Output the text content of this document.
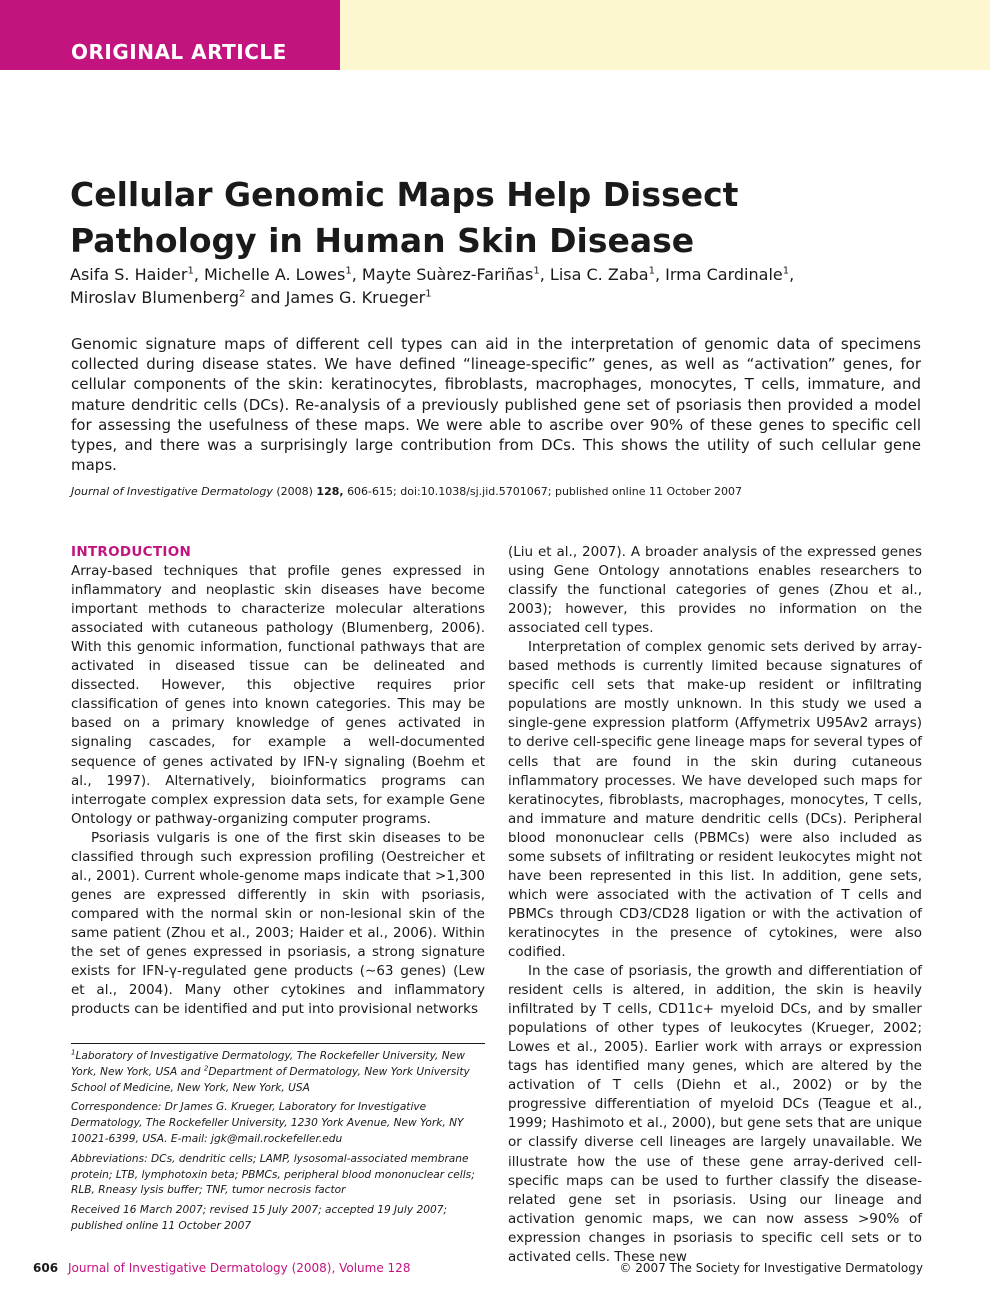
ORIGINAL ARTICLE
Cellular Genomic Maps Help Dissect Pathology in Human Skin Disease
Asifa S. Haider$^1$, Michelle A. Lowes$^1$, Mayte Suàrez-Fariñas$^1$, Lisa C. Zaba$^1$, Irma Cardinale$^1$,
Miroslav Blumenberg$^2$ and James G. Krueger$^1$

Genomic signature maps of different cell types can aid in the interpretation of genomic data of specimens collected during disease states. We have defined “lineage-specific” genes, as well as “activation” genes, for cellular components of the skin: keratinocytes, fibroblasts, macrophages, monocytes, T cells, immature, and mature dendritic cells (DCs). Re-analysis of a previously published gene set of psoriasis then provided a model for assessing the usefulness of these maps. We were able to ascribe over 90% of these genes to specific cell types, and there was a surprisingly large contribution from DCs. This shows the utility of such cellular gene maps.

Journal of Investigative Dermatology (2008) 128, 606-615; doi:10.1038/sj.jid.5701067; published online 11 October 2007
INTRODUCTION

Array-based techniques that profile genes expressed in inflammatory and neoplastic skin diseases have become important methods to characterize molecular alterations associated with cutaneous pathology (Blumenberg, 2006). With this genomic information, functional pathways that are activated in diseased tissue can be delineated and dissected. However, this objective requires prior classification of genes into known categories. This may be based on a primary knowledge of genes activated in signaling cascades, for example a well-documented sequence of genes activated by IFN-γ signaling (Boehm et al., 1997). Alternatively, bioinformatics programs can interrogate complex expression data sets, for example Gene Ontology or pathway-organizing computer programs.

Psoriasis vulgaris is one of the first skin diseases to be classified through such expression profiling (Oestreicher et al., 2001). Current whole-genome maps indicate that >1,300 genes are expressed differently in skin with psoriasis, compared with the normal skin or non-lesional skin of the same patient (Zhou et al., 2003; Haider et al., 2006). Within the set of genes expressed in psoriasis, a strong signature exists for IFN-γ-regulated gene products (∼63 genes) (Lew et al., 2004). Many other cytokines and inflammatory products can be identified and put into provisional networks

(Liu et al., 2007). A broader analysis of the expressed genes using Gene Ontology annotations enables researchers to classify the functional categories of genes (Zhou et al., 2003); however, this provides no information on the associated cell types.

Interpretation of complex genomic sets derived by array-based methods is currently limited because signatures of specific cell sets that make-up resident or infiltrating populations are mostly unknown. In this study we used a single-gene expression platform (Affymetrix U95Av2 arrays) to derive cell-specific gene lineage maps for several types of cells that are found in the skin during cutaneous inflammatory processes. We have developed such maps for keratinocytes, fibroblasts, macrophages, monocytes, T cells, and immature and mature dendritic cells (DCs). Peripheral blood mononuclear cells (PBMCs) were also included as some subsets of infiltrating or resident leukocytes might not have been represented in this list. In addition, gene sets, which were associated with the activation of T cells and PBMCs through CD3/CD28 ligation or with the activation of keratinocytes in the presence of cytokines, were also codified.

In the case of psoriasis, the growth and differentiation of resident cells is altered, in addition, the skin is heavily infiltrated by T cells, CD11c+ myeloid DCs, and by smaller populations of other types of leukocytes (Krueger, 2002; Lowes et al., 2005). Earlier work with arrays or expression tags has identified many genes, which are altered by the activation of T cells (Diehn et al., 2002) or by the progressive differentiation of myeloid DCs (Teague et al., 1999; Hashimoto et al., 2000), but gene sets that are unique or classify diverse cell lineages are largely unavailable. We illustrate how the use of these gene array-derived cell-specific maps can be used to further classify the disease-related gene set in psoriasis. Using our lineage and activation genomic maps, we can now assess >90% of expression changes in psoriasis to specific cell sets or to activated cells. These new

$^1$Laboratory of Investigative Dermatology, The Rockefeller University, New York, New York, USA and $^2$Department of Dermatology, New York University School of Medicine, New York, New York, USA

Correspondence: Dr James G. Krueger, Laboratory for Investigative Dermatology, The Rockefeller University, 1230 York Avenue, New York, NY 10021-6399, USA. E-mail: jgk@mail.rockefeller.edu

Abbreviations: DCs, dendritic cells; LAMP, lysosomal-associated membrane protein; LTB, lymphotoxin beta; PBMCs, peripheral blood mononuclear cells; RLB, Rneasy lysis buffer; TNF, tumor necrosis factor

Received 16 March 2007; revised 15 July 2007; accepted 19 July 2007; published online 11 October 2007

606 Journal of Investigative Dermatology (2008), Volume 128	© 2007 The Society for Investigative Dermatology
